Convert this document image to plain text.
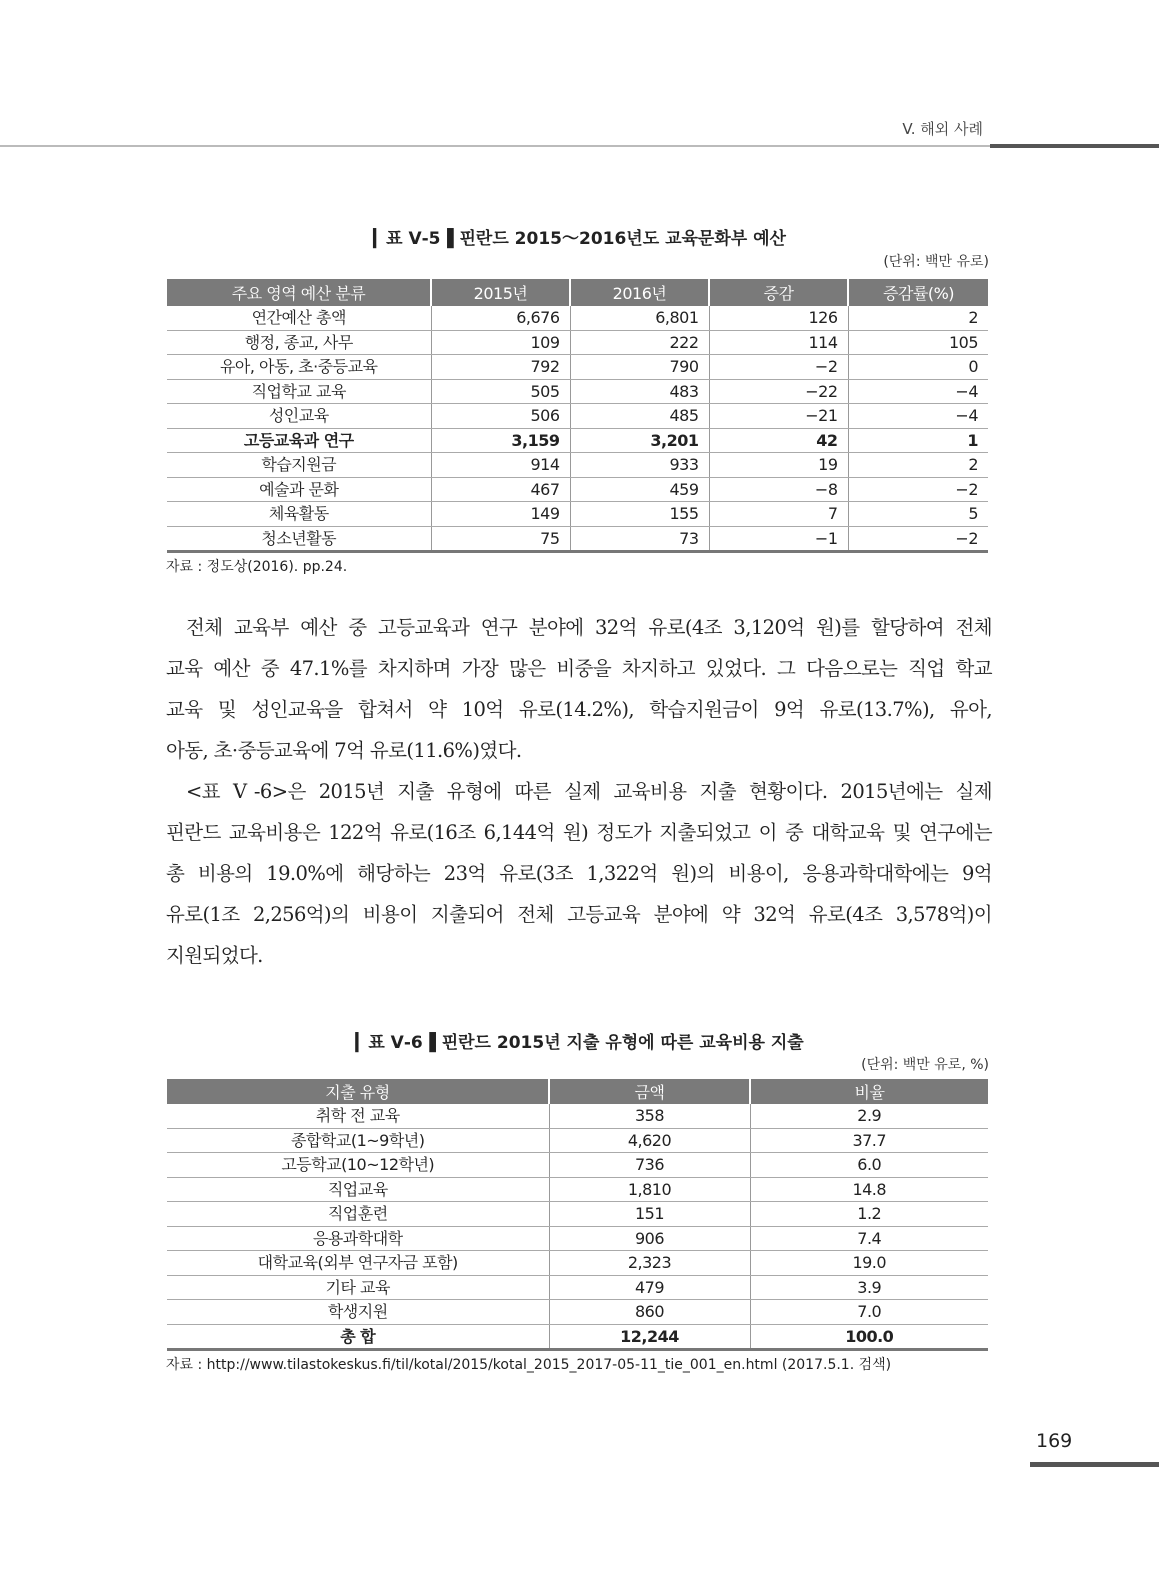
V. 해외 사례
▎표 Ⅴ-5▐ 핀란드 2015～2016년도 교육문화부 예산
(단위: 백만 유로)
주요 영역 예산 분류	2015년	2016년	증감	증감률(%)
연간예산 총액	6,676	6,801	126	2
행정, 종교, 사무	109	222	114	105
유아, 아동, 초·중등교육	792	790	−2	0
직업학교 교육	505	483	−22	−4
성인교육	506	485	−21	−4
고등교육과 연구	3,159	3,201	42	1
학습지원금	914	933	19	2
예술과 문화	467	459	−8	−2
체육활동	149	155	7	5
청소년활동	75	73	−1	−2
자료 : 정도상(2016). pp.24.
전체 교육부 예산 중 고등교육과 연구 분야에 32억 유로(4조 3,120억 원)를 할당하여 전체
교육 예산 중 47.1%를 차지하며 가장 많은 비중을 차지하고 있었다. 그 다음으로는 직업 학교
교육 및 성인교육을 합쳐서 약 10억 유로(14.2%), 학습지원금이 9억 유로(13.7%), 유아,
아동, 초·중등교육에 7억 유로(11.6%)였다.
<표 Ⅴ-6>은 2015년 지출 유형에 따른 실제 교육비용 지출 현황이다. 2015년에는 실제
핀란드 교육비용은 122억 유로(16조 6,144억 원) 정도가 지출되었고 이 중 대학교육 및 연구에는
총 비용의 19.0%에 해당하는 23억 유로(3조 1,322억 원)의 비용이, 응용과학대학에는 9억
유로(1조 2,256억)의 비용이 지출되어 전체 고등교육 분야에 약 32억 유로(4조 3,578억)이
지원되었다.
▎표 Ⅴ-6▐ 핀란드 2015년 지출 유형에 따른 교육비용 지출
(단위: 백만 유로, %)
지출 유형	금액	비율
취학 전 교육	358	2.9
종합학교(1~9학년)	4,620	37.7
고등학교(10~12학년)	736	6.0
직업교육	1,810	14.8
직업훈련	151	1.2
응용과학대학	906	7.4
대학교육(외부 연구자금 포함)	2,323	19.0
기타 교육	479	3.9
학생지원	860	7.0
총 합	12,244	100.0
자료 : http://www.tilastokeskus.fi/til/kotal/2015/kotal_2015_2017-05-11_tie_001_en.html (2017.5.1. 검색)
169
